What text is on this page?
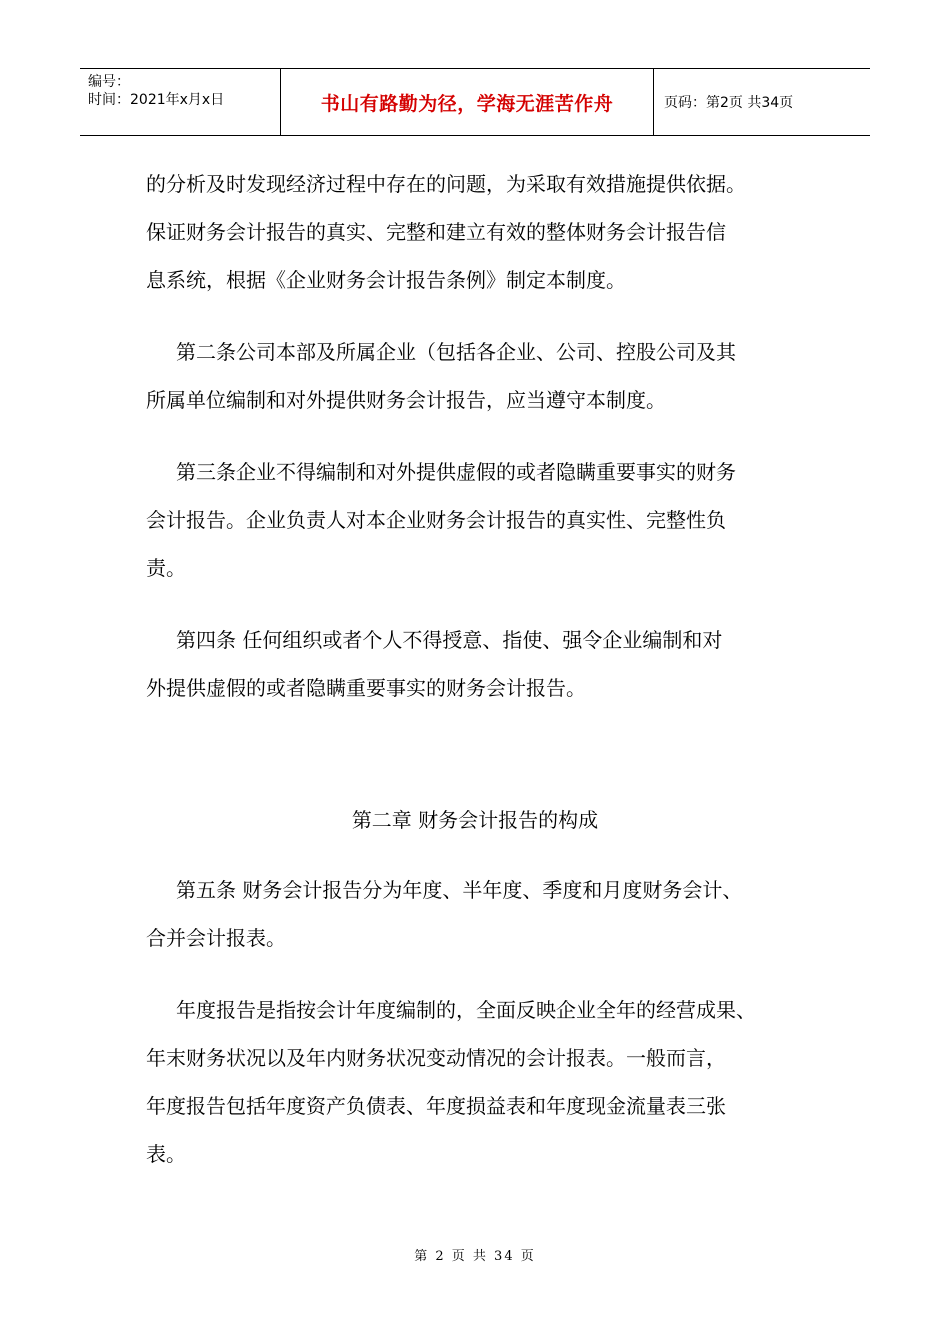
编号：
时间：2021年x月x日	书山有路勤为径，学海无涯苦作舟	页码：第2页 共34页

的分析及时发现经济过程中存在的问题，为采取有效措施提供依据。

保证财务会计报告的真实、完整和建立有效的整体财务会计报告信

息系统，根据《企业财务会计报告条例》制定本制度。

第二条公司本部及所属企业（包括各企业、公司、控股公司及其

所属单位编制和对外提供财务会计报告，应当遵守本制度。

第三条企业不得编制和对外提供虚假的或者隐瞒重要事实的财务

会计报告。企业负责人对本企业财务会计报告的真实性、完整性负

责。

第四条 任何组织或者个人不得授意、指使、强令企业编制和对

外提供虚假的或者隐瞒重要事实的财务会计报告。

第二章 财务会计报告的构成

第五条 财务会计报告分为年度、半年度、季度和月度财务会计、

合并会计报表。

年度报告是指按会计年度编制的，全面反映企业全年的经营成果、

年末财务状况以及年内财务状况变动情况的会计报表。一般而言，

年度报告包括年度资产负债表、年度损益表和年度现金流量表三张

表。

第 2 页 共 34 页
